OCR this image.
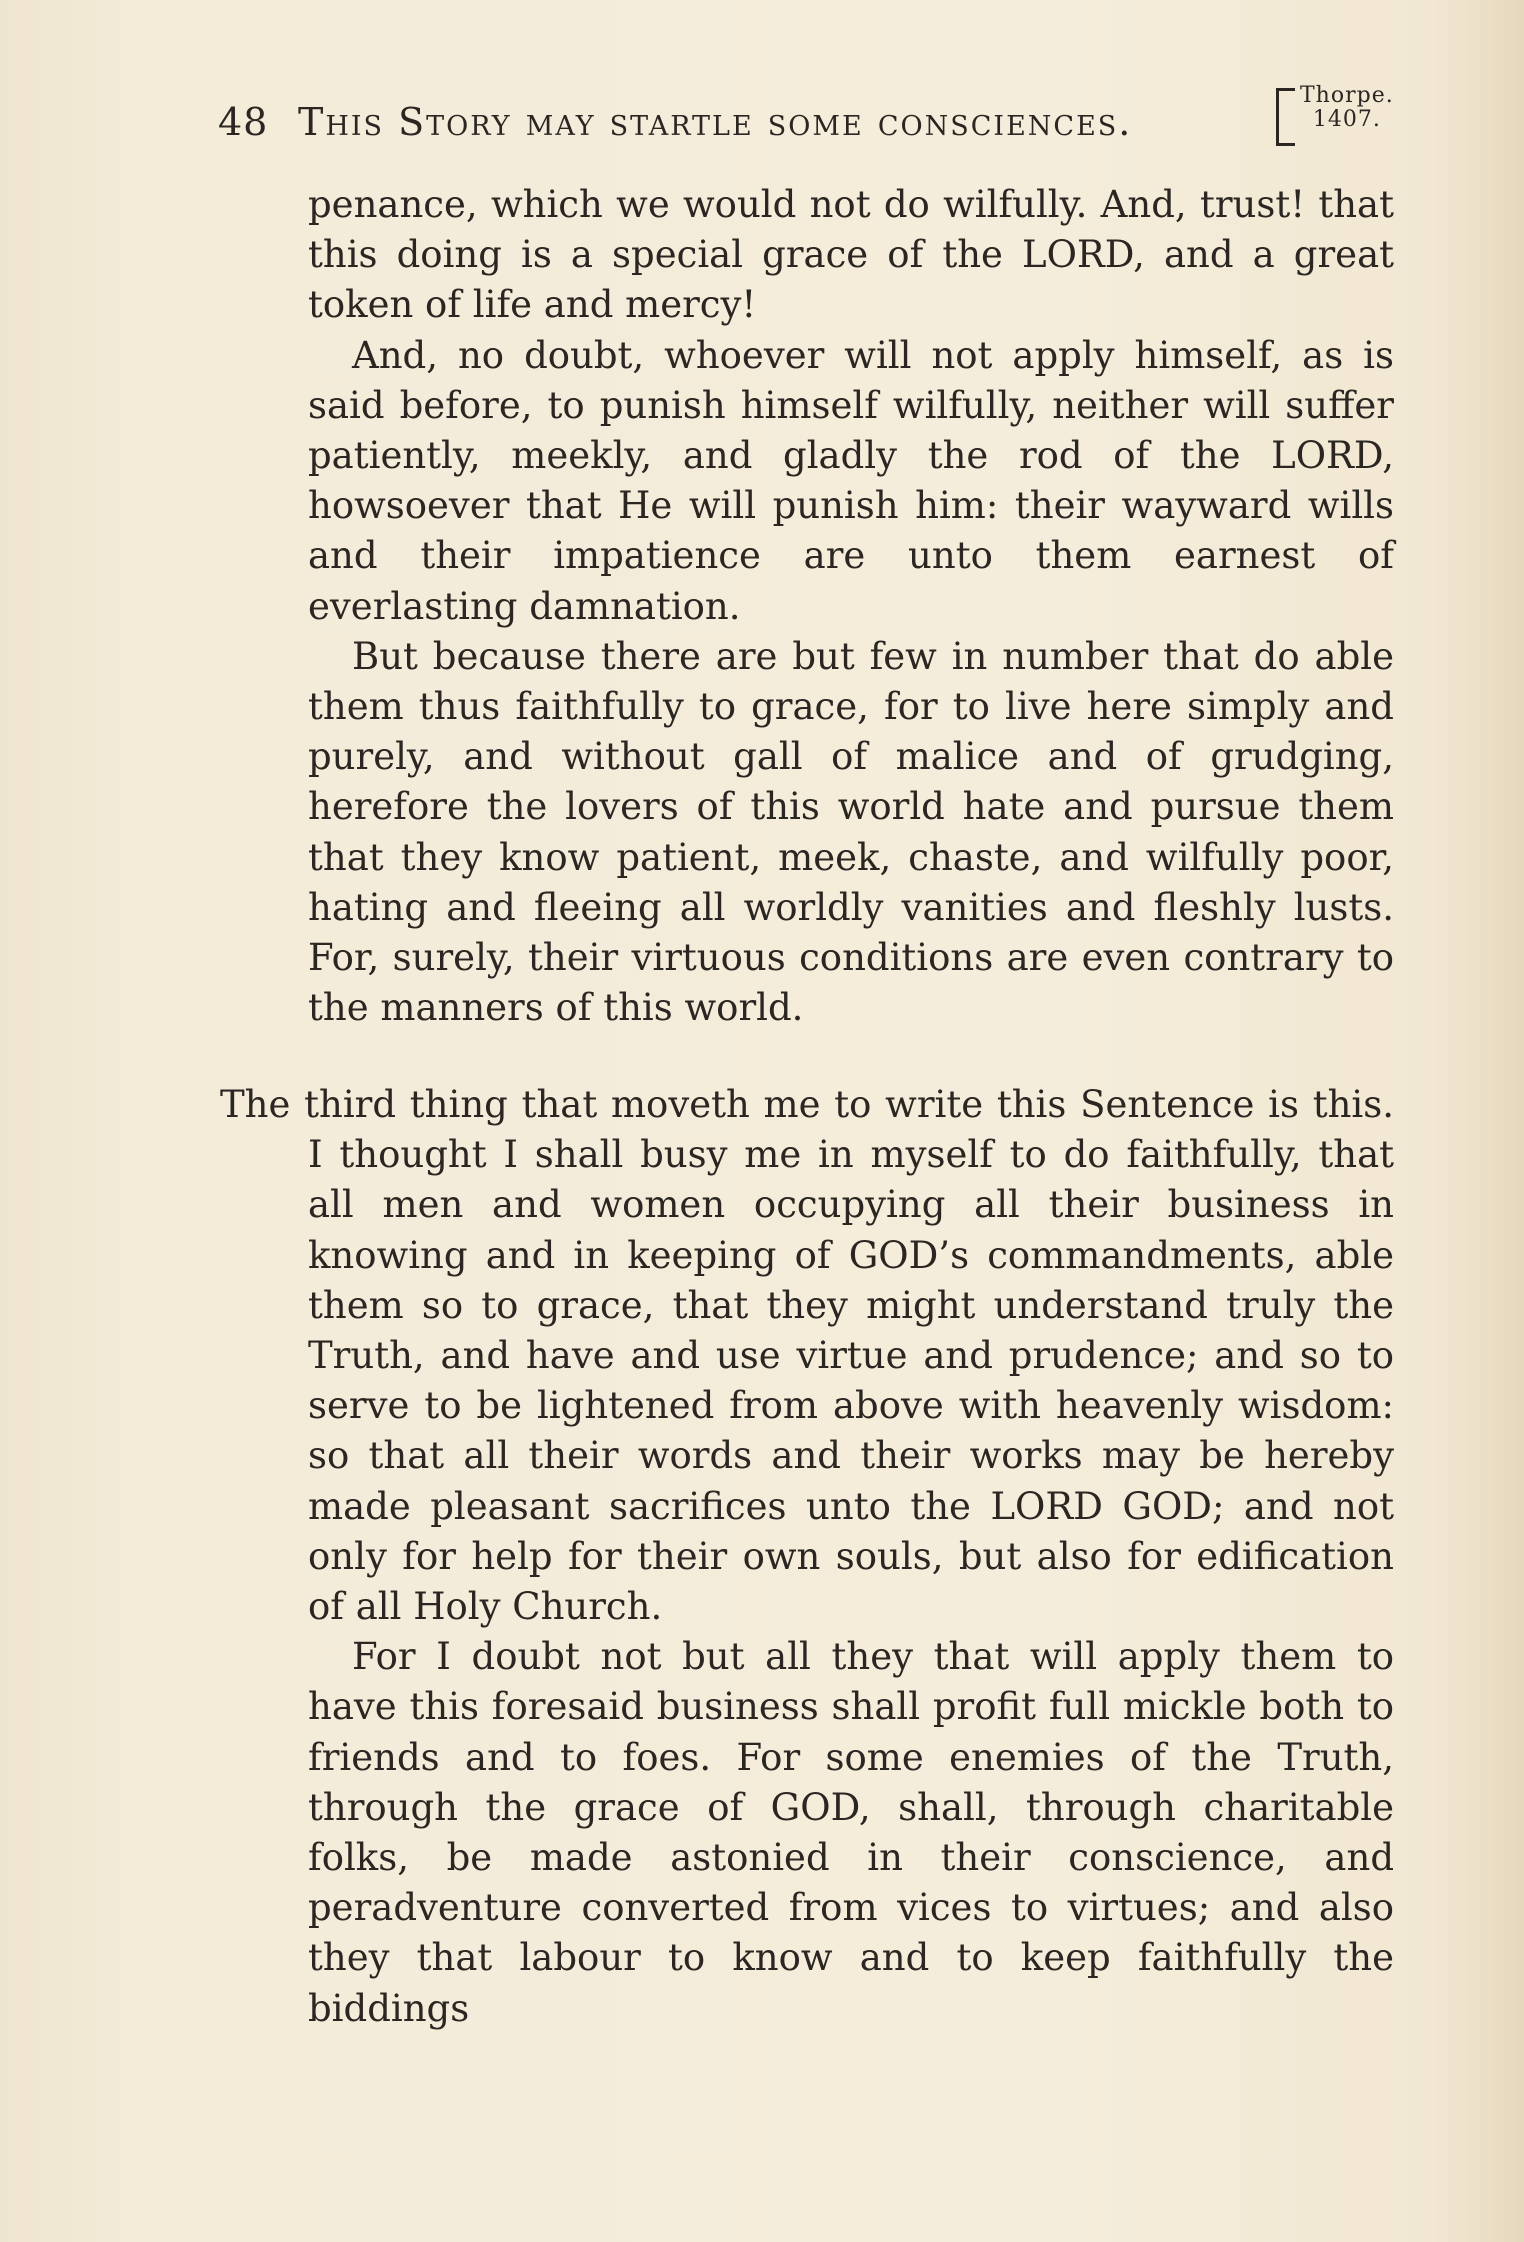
48 This Story may startle some consciences.
Thorpe.
1407.

penance, which we would not do wilfully. And, trust! that this doing is a special grace of the LORD, and a great token of life and mercy!

And, no doubt, whoever will not apply himself, as is said before, to punish himself wilfully, neither will suffer patiently, meekly, and gladly the rod of the LORD, howsoever that He will punish him: their wayward wills and their impatience are unto them earnest of everlasting damnation.

But because there are but few in number that do able them thus faithfully to grace, for to live here simply and purely, and without gall of malice and of grudging, herefore the lovers of this world hate and pursue them that they know patient, meek, chaste, and wilfully poor, hating and fleeing all worldly vanities and fleshly lusts. For, surely, their virtuous conditions are even contrary to the manners of this world.

The third thing that moveth me to write this Sentence is this. I thought I shall busy me in myself to do faithfully, that all men and women occupying all their business in knowing and in keeping of GOD’s commandments, able them so to grace, that they might understand truly the Truth, and have and use virtue and prudence; and so to serve to be lightened from above with heavenly wisdom: so that all their words and their works may be hereby made pleasant sacrifices unto the LORD GOD; and not only for help for their own souls, but also for edification of all Holy Church.

For I doubt not but all they that will apply them to have this foresaid business shall profit full mickle both to friends and to foes. For some enemies of the Truth, through the grace of GOD, shall, through charitable folks, be made astonied in their conscience, and peradventure converted from vices to virtues; and also they that labour to know and to keep faithfully the biddings
